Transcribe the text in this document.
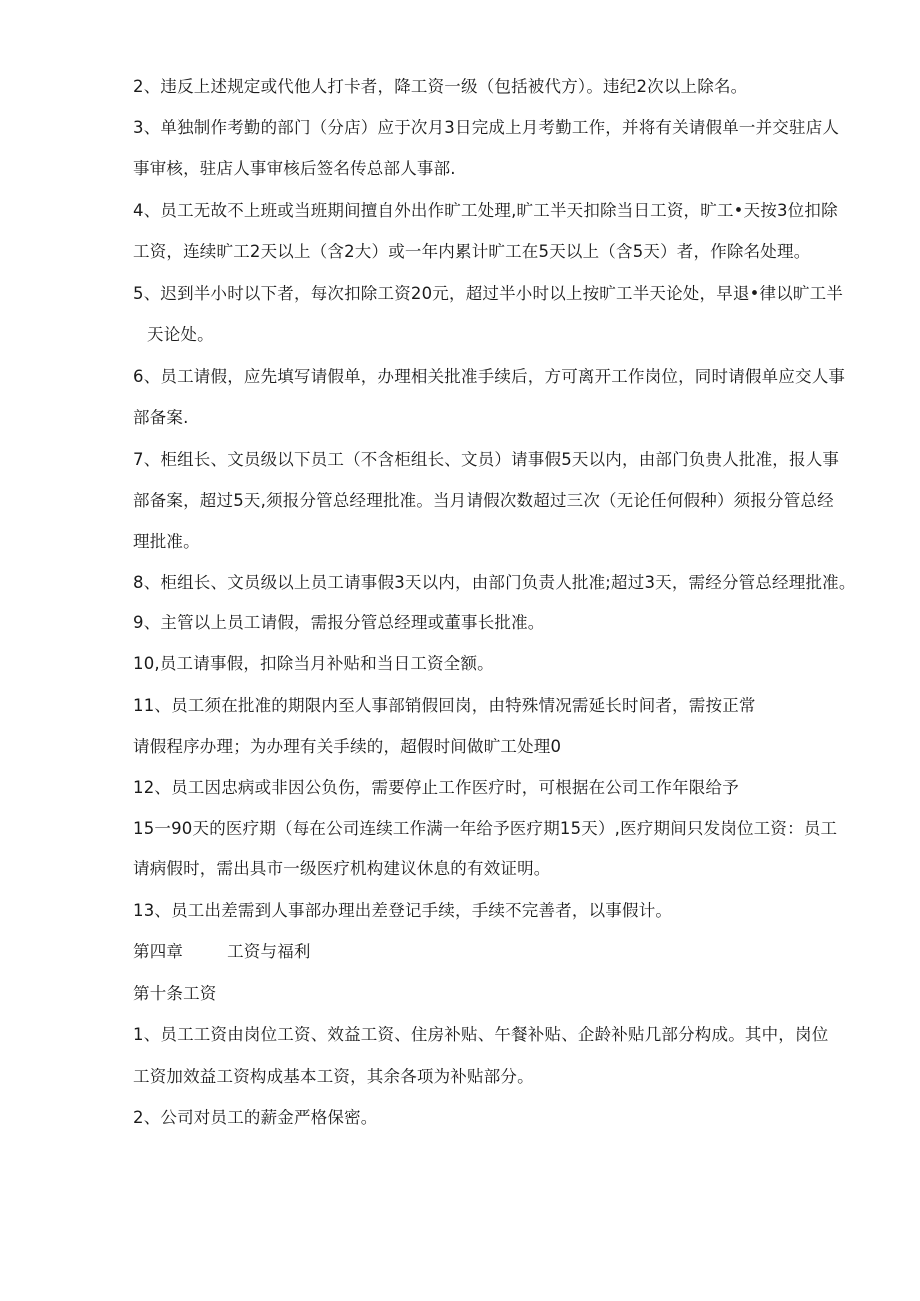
2、违反上述规定或代他人打卡者，降工资一级（包括被代方）。违纪2次以上除名。
3、单独制作考勤的部门（分店）应于次月3日完成上月考勤工作，并将有关请假单一并交驻店人
事审核，驻店人事审核后签名传总部人事部.
4、员工无故不上班或当班期间擅自外出作旷工处理,旷工半天扣除当日工资，旷工•天按3位扣除
工资，连续旷工2天以上（含2大）或一年内累计旷工在5天以上（含5天）者，作除名处理。
5、迟到半小时以下者，每次扣除工资20元，超过半小时以上按旷工半天论处，早退•律以旷工半
天论处。
6、员工请假，应先填写请假单，办理相关批准手续后，方可离开工作岗位，同时请假单应交人事
部备案.
7、柜组长、文员级以下员工（不含柜组长、文员）请事假5天以内，由部门负贵人批准，报人事
部备案，超过5天,须报分管总经理批准。当月请假次数超过三次（无论任何假种）须报分管总经
理批准。
8、柜组长、文员级以上员工请事假3天以内，由部门负责人批准;超过3天，需经分管总经理批准。
9、主管以上员工请假，需报分管总经理或董事长批准。
10,员工请事假，扣除当月补贴和当日工资全额。
11、员工须在批准的期限内至人事部销假回岗，由特殊情况需延长时间者，需按正常
请假程序办理；为办理有关手续的，超假时间做旷工处理0
12、员工因忠病或非因公负伤，需要停止工作医疗时，可根据在公司工作年限给予
15一90天的医疗期（每在公司连续工作满一年给予医疗期15天）,医疗期间只发岗位工资：员工
请病假时，需出具市一级医疗机构建议休息的有效证明。
13、员工出差需到人事部办理出差登记手续，手续不完善者，以事假计。
第四章	工资与福利
第十条工资
1、员工工资由岗位工资、效益工资、住房补贴、午餐补贴、企龄补贴几部分构成。其中，岗位
工资加效益工资构成基本工资，其余各项为补贴部分。
2、公司对员工的薪金严格保密。
